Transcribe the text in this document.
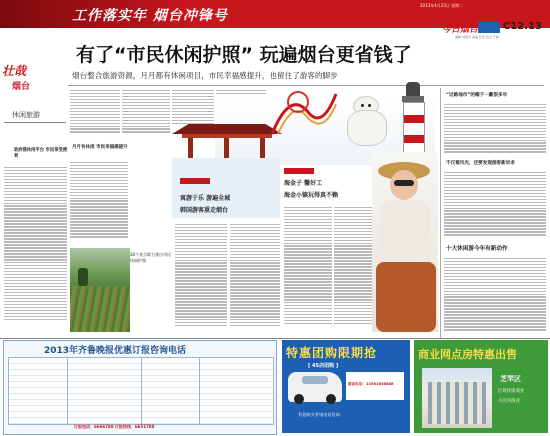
工作落实年 烟台冲锋号
2013年4月23日 星期二
今日烟台 C12.13
编辑 刘海杰 美编 张佳 校对 于丽
有了“市民休闲护照” 玩遍烟台更省钱了
烟台整合旅游资源，月月都有休闲项目，市民幸福感提升，也留住了游客的脚步
壮哉
烟台
休闲旅游
政府搭休闲平台 市民享受便利
月月有休闲 市民幸福感提升
寓游于乐 游遍全城
韩国游客重走烟台
海金子 馨好工
海金小镇玩得真不赖
30个景点联合推出市民休闲护照
“过路地市”的帽子一戴很多年
不仅看风光，还要发现游客新诉求
十大休闲游今年有新动作
2013年齐鲁晚报优惠订报咨询电话
订报电话：6666788 订报热线：6651788
特惠团购限期抢
[ 4S店团购 ]
联系电话：13561658888
有意购买者请电话咨询
商业网点房特惠出售
芝罘区
区域优质商业
小区内商业
